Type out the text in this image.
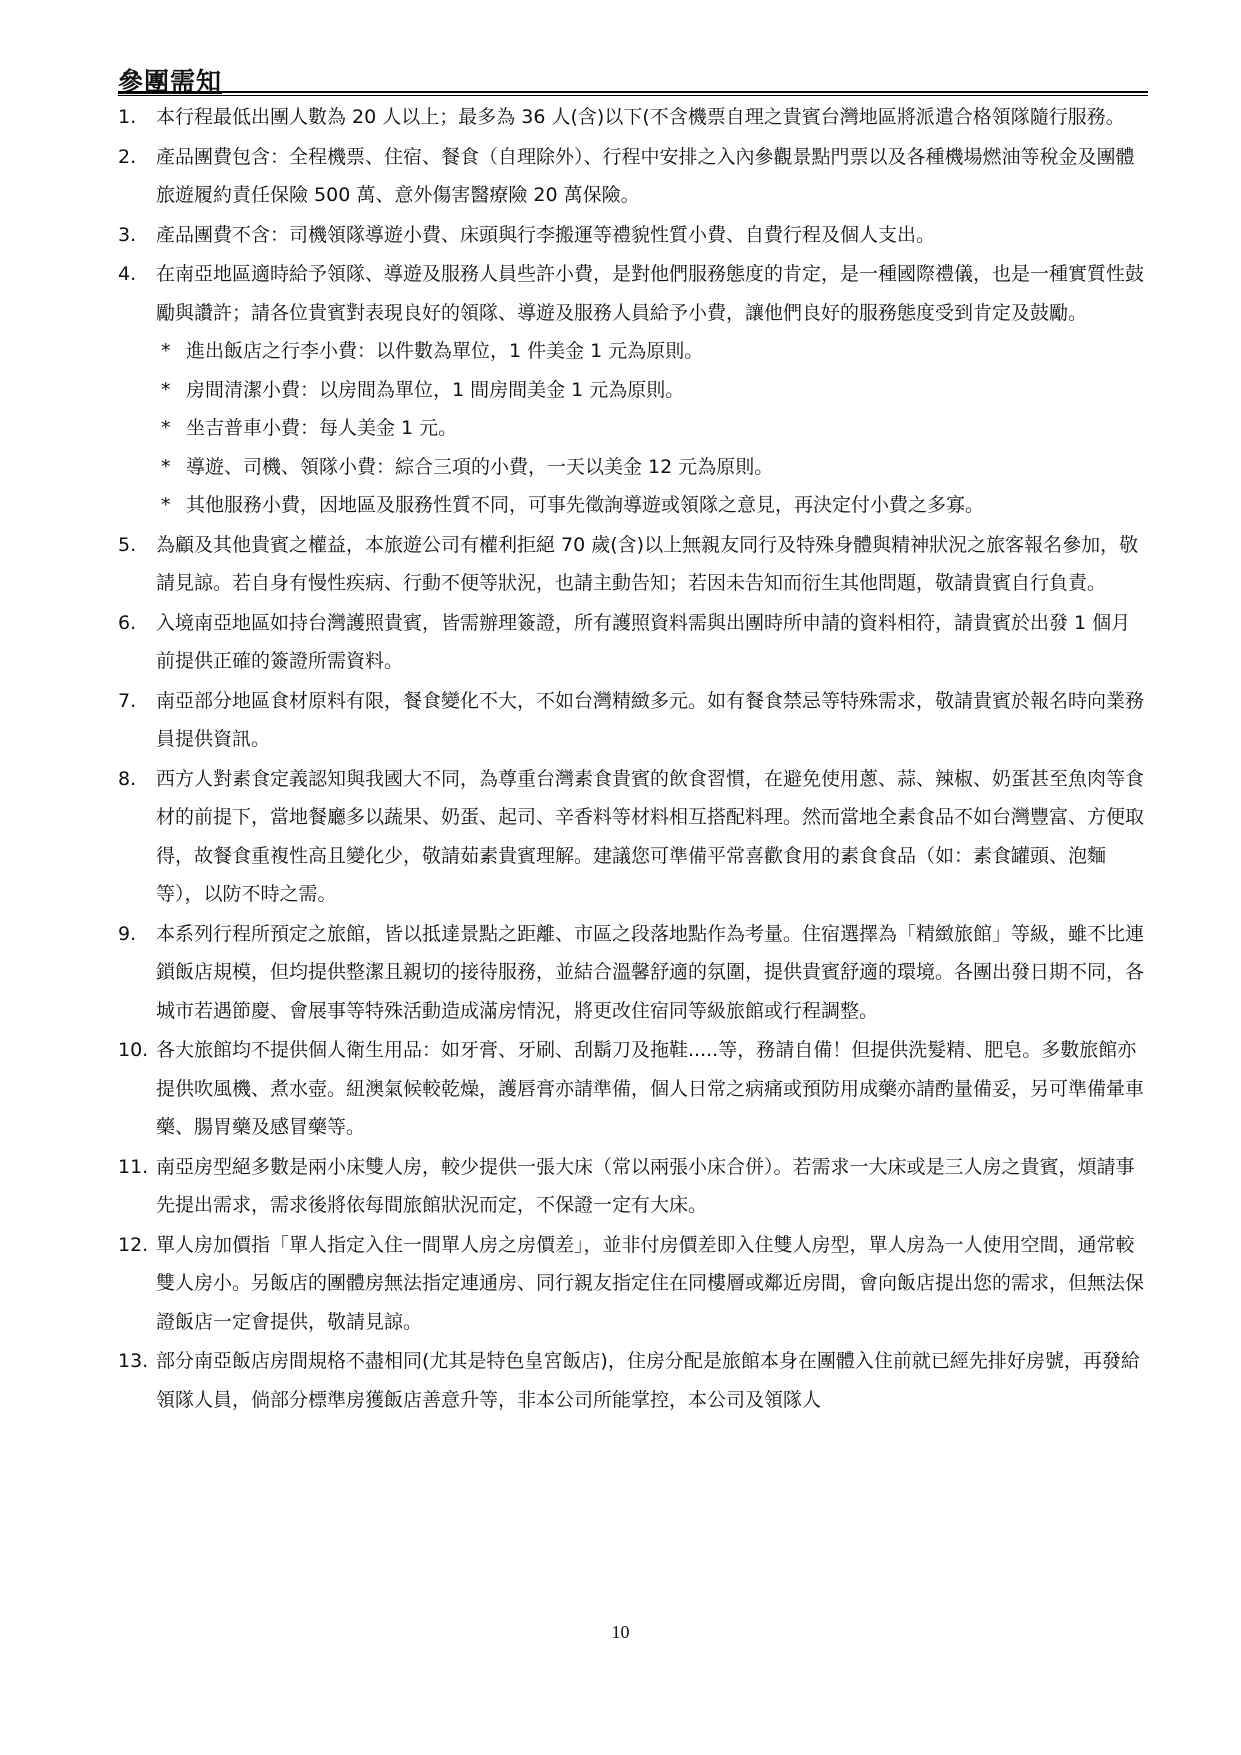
參團需知
1.	本行程最低出團人數為 20 人以上；最多為 36 人(含)以下(不含機票自理之貴賓台灣地區將派遣合格領隊隨行服務。
2.	產品團費包含：全程機票、住宿、餐食（自理除外）、行程中安排之入內參觀景點門票以及各種機場燃油等稅金及團體旅遊履約責任保險 500 萬、意外傷害醫療險 20 萬保險。
3.	產品團費不含：司機領隊導遊小費、床頭與行李搬運等禮貌性質小費、自費行程及個人支出。
4.	在南亞地區適時給予領隊、導遊及服務人員些許小費，是對他們服務態度的肯定，是一種國際禮儀，也是一種實質性鼓勵與讚許；請各位貴賓對表現良好的領隊、導遊及服務人員給予小費，讓他們良好的服務態度受到肯定及鼓勵。
* 進出飯店之行李小費：以件數為單位，1 件美金 1 元為原則。
* 房間清潔小費：以房間為單位，1 間房間美金 1 元為原則。
* 坐吉普車小費：每人美金 1 元。
* 導遊、司機、領隊小費：綜合三項的小費，一天以美金 12 元為原則。
* 其他服務小費，因地區及服務性質不同，可事先徵詢導遊或領隊之意見，再決定付小費之多寡。
5.	為顧及其他貴賓之權益，本旅遊公司有權利拒絕 70 歲(含)以上無親友同行及特殊身體與精神狀況之旅客報名參加，敬請見諒。若自身有慢性疾病、行動不便等狀況，也請主動告知；若因未告知而衍生其他問題，敬請貴賓自行負責。
6.	入境南亞地區如持台灣護照貴賓，皆需辦理簽證，所有護照資料需與出團時所申請的資料相符，請貴賓於出發 1 個月前提供正確的簽證所需資料。
7.	南亞部分地區食材原料有限，餐食變化不大，不如台灣精緻多元。如有餐食禁忌等特殊需求，敬請貴賓於報名時向業務員提供資訊。
8.	西方人對素食定義認知與我國大不同，為尊重台灣素食貴賓的飲食習慣，在避免使用蔥、蒜、辣椒、奶蛋甚至魚肉等食材的前提下，當地餐廳多以蔬果、奶蛋、起司、辛香料等材料相互搭配料理。然而當地全素食品不如台灣豐富、方便取得，故餐食重複性高且變化少，敬請茹素貴賓理解。建議您可準備平常喜歡食用的素食食品（如：素食罐頭、泡麵等），以防不時之需。
9.	本系列行程所預定之旅館，皆以抵達景點之距離、市區之段落地點作為考量。住宿選擇為「精緻旅館」等級，雖不比連鎖飯店規模，但均提供整潔且親切的接待服務，並結合溫馨舒適的氛圍，提供貴賓舒適的環境。各團出發日期不同，各城市若遇節慶、會展事等特殊活動造成滿房情況，將更改住宿同等級旅館或行程調整。
10. 各大旅館均不提供個人衛生用品：如牙膏、牙刷、刮鬍刀及拖鞋.....等，務請自備！但提供洗髮精、肥皂。多數旅館亦提供吹風機、煮水壺。紐澳氣候較乾燥，護唇膏亦請準備，個人日常之病痛或預防用成藥亦請酌量備妥，另可準備暈車藥、腸胃藥及感冒藥等。
11. 南亞房型絕多數是兩小床雙人房，較少提供一張大床（常以兩張小床合併）。若需求一大床或是三人房之貴賓，煩請事先提出需求，需求後將依每間旅館狀況而定，不保證一定有大床。
12. 單人房加價指「單人指定入住一間單人房之房價差」，並非付房價差即入住雙人房型，單人房為一人使用空間，通常較雙人房小。另飯店的團體房無法指定連通房、同行親友指定住在同樓層或鄰近房間，會向飯店提出您的需求，但無法保證飯店一定會提供，敬請見諒。
13. 部分南亞飯店房間規格不盡相同(尤其是特色皇宮飯店)，住房分配是旅館本身在團體入住前就已經先排好房號，再發給領隊人員，倘部分標準房獲飯店善意升等，非本公司所能掌控，本公司及領隊人
10
